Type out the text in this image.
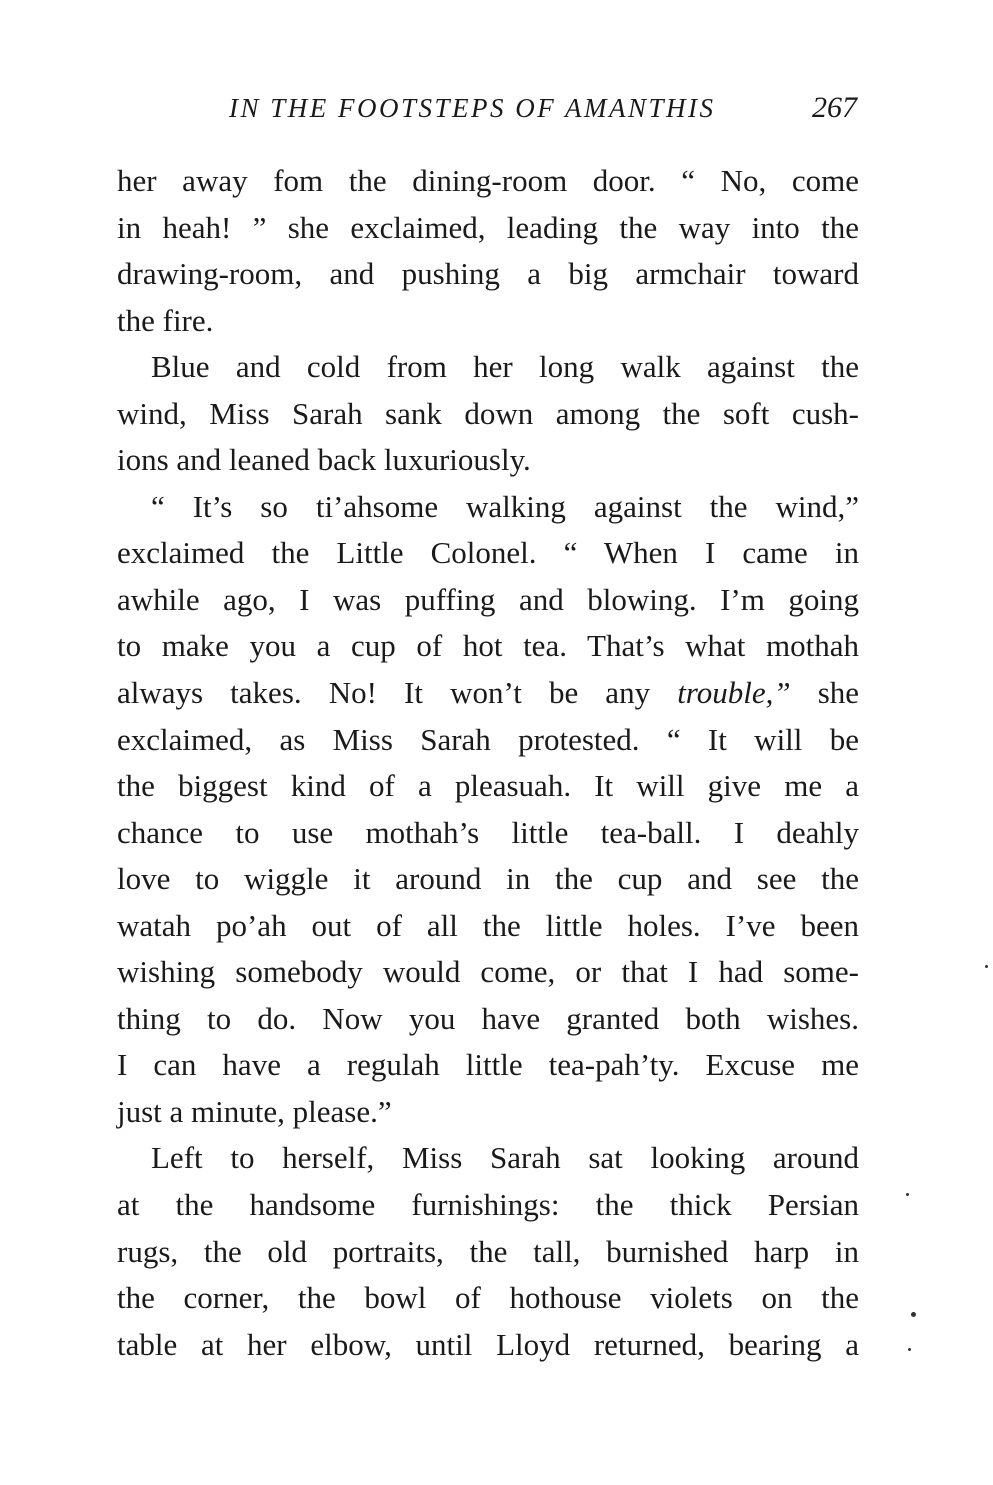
IN THE FOOTSTEPS OF AMANTHIS	267
her away fom the dining-room door. “ No, come
in heah! ” she exclaimed, leading the way into the
drawing-room, and pushing a big armchair toward
the fire.
Blue and cold from her long walk against the
wind, Miss Sarah sank down among the soft cush-
ions and leaned back luxuriously.
“ It’s so ti’ahsome walking against the wind,”
exclaimed the Little Colonel. “ When I came in
awhile ago, I was puffing and blowing. I’m going
to make you a cup of hot tea. That’s what mothah
always takes. No! It won’t be any trouble,” she
exclaimed, as Miss Sarah protested. “ It will be
the biggest kind of a pleasuah. It will give me a
chance to use mothah’s little tea-ball. I deahly
love to wiggle it around in the cup and see the
watah po’ah out of all the little holes. I’ve been
wishing somebody would come, or that I had some-
thing to do. Now you have granted both wishes.
I can have a regulah little tea-pah’ty. Excuse me
just a minute, please.”
Left to herself, Miss Sarah sat looking around
at the handsome furnishings: the thick Persian
rugs, the old portraits, the tall, burnished harp in
the corner, the bowl of hothouse violets on the
table at her elbow, until Lloyd returned, bearing a
